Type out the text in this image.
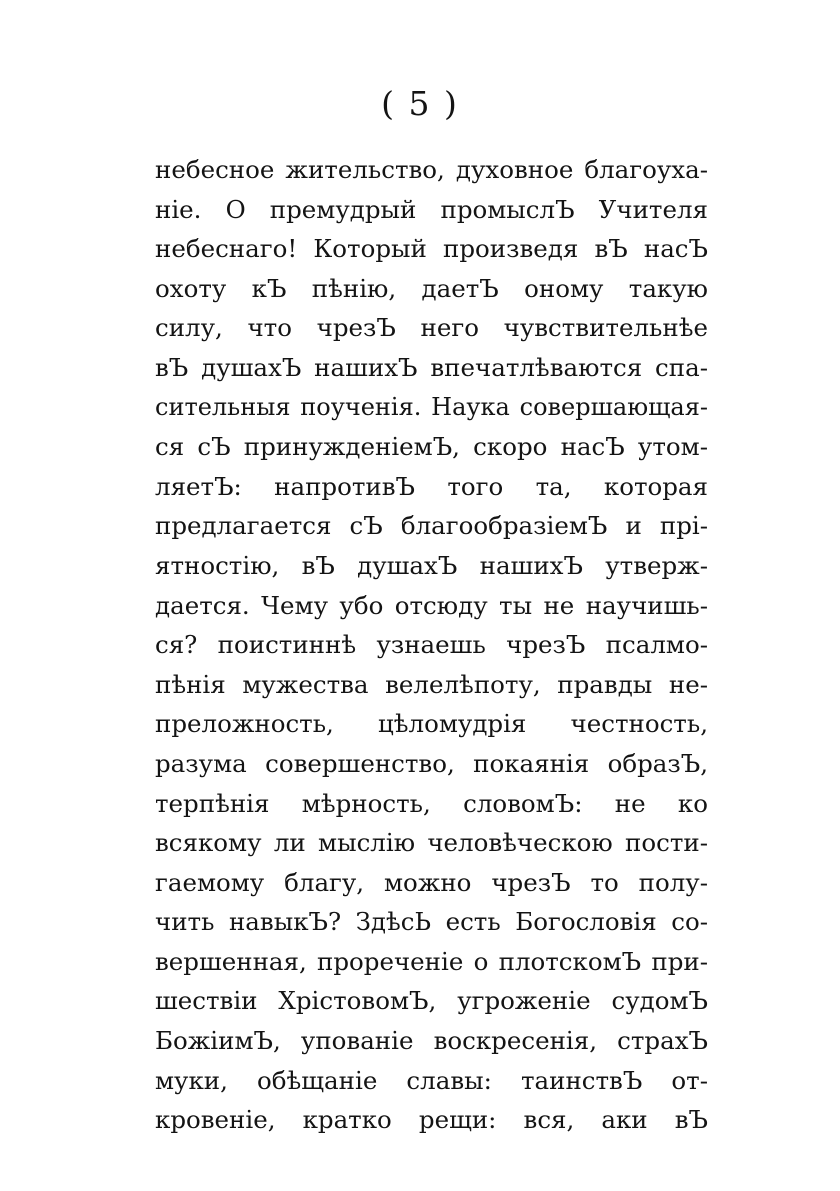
( 5 )
небесное жительство, духовное благоуха-
нiе. О премудрый промыслЪ Учителя
небеснаго! Который произведя вЪ насЪ
охоту кЪ пѣнiю, даетЪ оному такую
силу, что чрезЪ него чувствительнѣе
вЪ душахЪ нашихЪ впечатлѣваются спа-
сительныя поученiя. Наука совершающая-
ся сЪ принужденiемЪ, скоро насЪ утом-
ляетЪ: напротивЪ того та, которая
предлагается сЪ благообразiемЪ и прi-
ятностiю, вЪ душахЪ нашихЪ утверж-
дается. Чему убо отсюду ты не научишь-
ся? поистиннѣ узнаешь чрезЪ псалмо-
пѣнiя мужества велелѣпоту, правды не-
преложность, цѣломудрiя честность,
разума совершенство, покаянiя образЪ,
терпѣнiя мѣрность, словомЪ: не ко
всякому ли мыслiю человѣческою пости-
гаемому благу, можно чрезЪ то полу-
чить навыкЪ? ЗдѣсЬ есть Богословiя со-
вершенная, прореченiе о плотскомЪ при-
шествiи ХрiстовомЪ, угроженiе судомЪ
БожiимЪ, упованiе воскресенiя, страхЪ
муки, обѣщанiе славы: таинствЪ от-
кровенiе, кратко рещи: вся, аки вЪ
